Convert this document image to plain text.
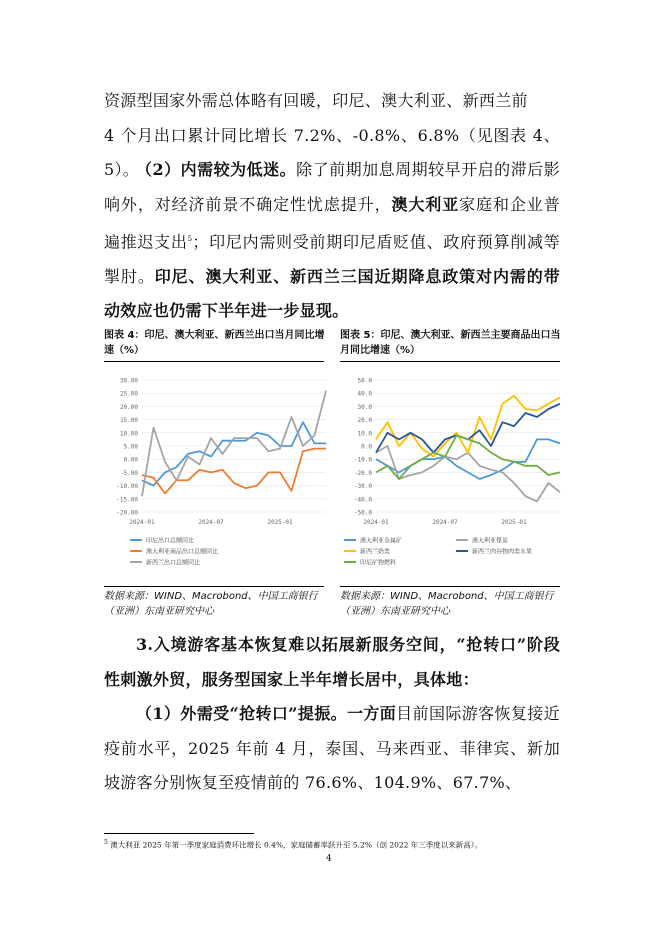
资源型国家外需总体略有回暖，印尼、澳大利亚、新西兰前
4 个月出口累计同比增长 7.2%、-0.8%、6.8%（见图表 4、5）。
（2）内需较为低迷。除了前期加息周期较早开启的滞后影响外，对经济前景不确定性忧虑提升，澳大利亚家庭和企业普遍推迟支出$^5$；印尼内需则受前期印尼盾贬值、政府预算削减等掣肘。印尼、澳大利亚、新西兰三国近期降息政策对内需的带动效应也仍需下半年进一步显现。
图表 4：印尼、澳大利亚、新西兰出口当月同比增速（%）
30.00
25.00
20.00
15.00
10.00
5.00
0.00
-5.00
-10.00
-15.00
-20.00
2024-01	2024-07	2025-01
印尼出口总额同比
澳大利亚商品出口总额同比
新西兰出口总额同比
数据来源：WIND、Macrobond、中国工商银行（亚洲）东南亚研究中心
图表 5：印尼、澳大利亚、新西兰主要商品出口当月同比增速（%）
50.0
40.0
30.0
20.0
10.0
0.0
-10.0
-20.0
-30.0
-40.0
-50.0
2024-01	2024-07	2025-01
澳大利亚金属矿	澳大利亚煤炭
新西兰奶类	新西兰肉谷物肉类水果
印尼矿物燃料
数据来源：WIND、Macrobond、中国工商银行（亚洲）东南亚研究中心
3.入境游客基本恢复难以拓展新服务空间，“抢转口”阶段性刺激外贸，服务型国家上半年增长居中，具体地：
（1）外需受“抢转口”提振。一方面目前国际游客恢复接近疫前水平，2025 年前 4 月，泰国、马来西亚、菲律宾、新加坡游客分别恢复至疫情前的 76.6%、104.9%、67.7%、
$^5$ 澳大利亚 2025 年第一季度家庭消费环比增长 0.4%，家庭储蓄率跃升至 5.2%（创 2022 年三季度以来新高）。
4
